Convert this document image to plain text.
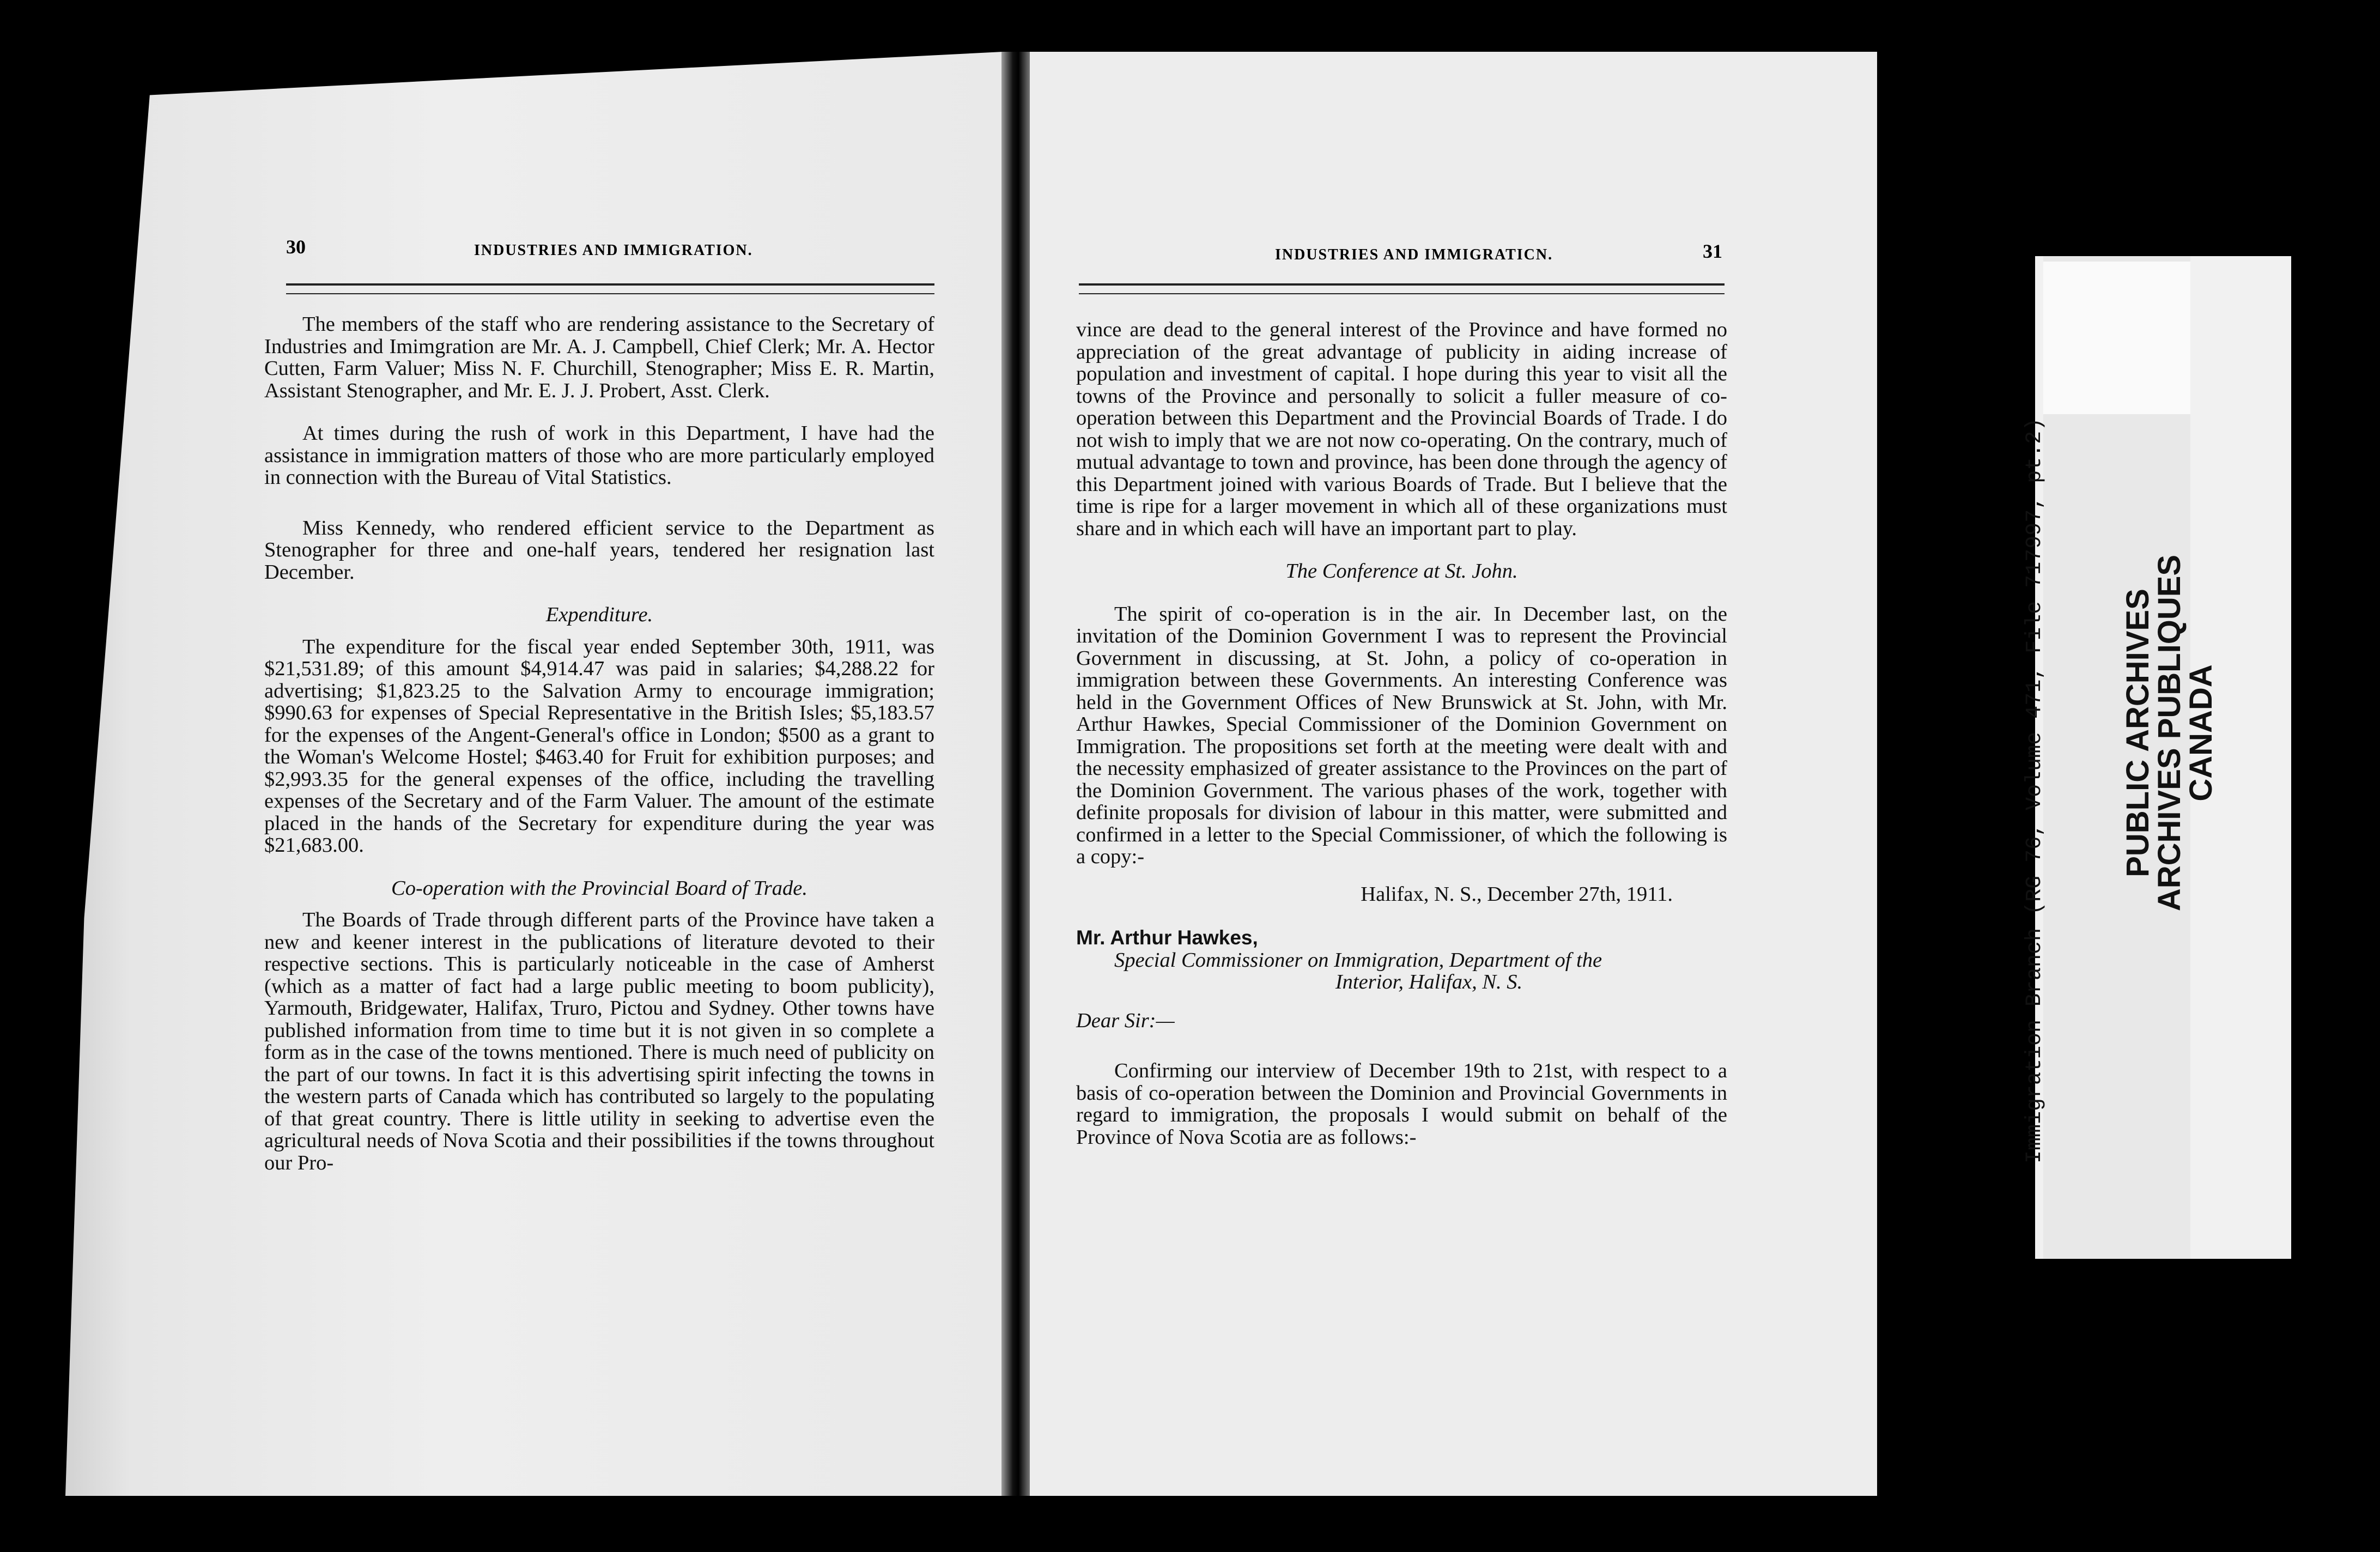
30	INDUSTRIES AND IMMIGRATION.

The members of the staff who are rendering assistance to the Secretary of Industries and Imimgration are Mr. A. J. Campbell, Chief Clerk; Mr. A. Hector Cutten, Farm Valuer; Miss N. F. Churchill, Stenographer; Miss E. R. Martin, Assistant Stenographer, and Mr. E. J. J. Probert, Asst. Clerk.

At times during the rush of work in this Department, I have had the assistance in immigration matters of those who are more particularly employed in connection with the Bureau of Vital Statistics.

Miss Kennedy, who rendered efficient service to the Department as Stenographer for three and one-half years, tendered her resignation last December.

Expenditure.

The expenditure for the fiscal year ended September 30th, 1911, was $21,531.89; of this amount $4,914.47 was paid in salaries; $4,288.22 for advertising; $1,823.25 to the Salvation Army to encourage immigration; $990.63 for expenses of Special Representative in the British Isles; $5,183.57 for the expenses of the Angent-General's office in London; $500 as a grant to the Woman's Welcome Hostel; $463.40 for Fruit for exhibition purposes; and $2,993.35 for the general expenses of the office, including the travelling expenses of the Secretary and of the Farm Valuer. The amount of the estimate placed in the hands of the Secretary for expenditure during the year was $21,683.00.

Co-operation with the Provincial Board of Trade.

The Boards of Trade through different parts of the Province have taken a new and keener interest in the publications of literature devoted to their respective sections. This is particularly noticeable in the case of Amherst (which as a matter of fact had a large public meeting to boom publicity), Yarmouth, Bridgewater, Halifax, Truro, Pictou and Sydney. Other towns have published information from time to time but it is not given in so complete a form as in the case of the towns mentioned. There is much need of publicity on the part of our towns. In fact it is this advertising spirit infecting the towns in the western parts of Canada which has contributed so largely to the populating of that great country. There is little utility in seeking to advertise even the agricultural needs of Nova Scotia and their possibilities if the towns throughout our Pro-

INDUSTRIES AND IMMIGRATICN.	31

vince are dead to the general interest of the Province and have formed no appreciation of the great advantage of publicity in aiding increase of population and investment of capital. I hope during this year to visit all the towns of the Province and personally to solicit a fuller measure of co-operation between this Department and the Provincial Boards of Trade. I do not wish to imply that we are not now co-operating. On the contrary, much of mutual advantage to town and province, has been done through the agency of this Department joined with various Boards of Trade. But I believe that the time is ripe for a larger movement in which all of these organizations must share and in which each will have an important part to play.

The Conference at St. John.

The spirit of co-operation is in the air. In December last, on the invitation of the Dominion Government I was to represent the Provincial Government in discussing, at St. John, a policy of co-operation in immigration between these Governments. An interesting Conference was held in the Government Offices of New Brunswick at St. John, with Mr. Arthur Hawkes, Special Commissioner of the Dominion Government on Immigration. The propositions set forth at the meeting were dealt with and the necessity emphasized of greater assistance to the Provinces on the part of the Dominion Government. The various phases of the work, together with definite proposals for division of labour in this matter, were submitted and confirmed in a letter to the Special Commissioner, of which the following is a copy:-

Halifax, N. S., December 27th, 1911.
Mr. Arthur Hawkes,
Special Commissioner on Immigration, Department of the
Interior, Halifax, N. S.
Dear Sir:—

Confirming our interview of December 19th to 21st, with respect to a basis of co-operation between the Dominion and Provincial Governments in regard to immigration, the proposals I would submit on behalf of the Province of Nova Scotia are as follows:-	Immigration Branch (RG 76, Volume 471, File 717997, pt.2) PUBLIC ARCHIVES
ARCHIVES PUBLIQUES
CANADA
